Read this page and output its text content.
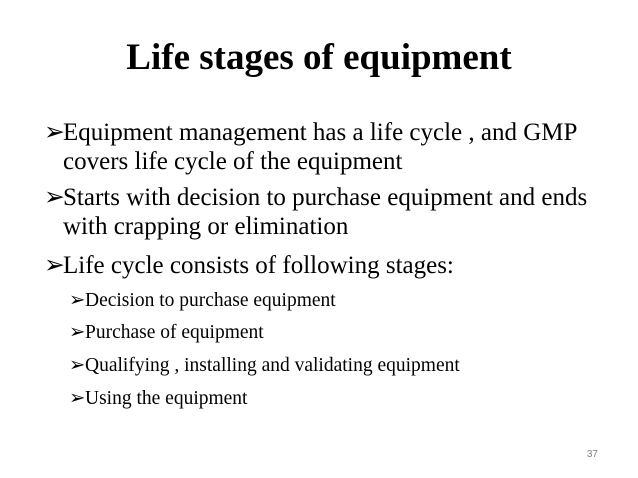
Life stages of equipment
➢
Equipment management has a life cycle , and GMP covers life cycle of the equipment
➢
Starts with decision to purchase equipment and ends with crapping or elimination
➢
Life cycle consists of following stages:
➢ Decision to purchase equipment
➢ Purchase of equipment
➢ Qualifying , installing and validating equipment
➢ Using the equipment
37
